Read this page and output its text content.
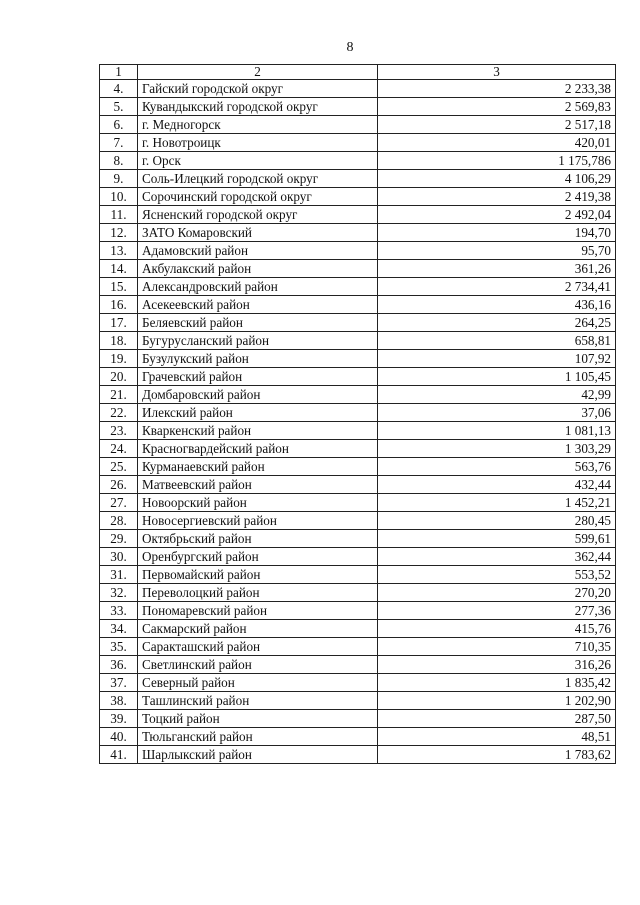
8
1	2	3
4.	Гайский городской округ	2 233,38
5.	Кувандыкский городской округ	2 569,83
6.	г. Медногорск	2 517,18
7.	г. Новотроицк	420,01
8.	г. Орск	1 175,786
9.	Соль-Илецкий городской округ	4 106,29
10.	Сорочинский городской округ	2 419,38
11.	Ясненский городской округ	2 492,04
12.	ЗАТО Комаровский	194,70
13.	Адамовский район	95,70
14.	Акбулакский район	361,26
15.	Александровский район	2 734,41
16.	Асекеевский район	436,16
17.	Беляевский район	264,25
18.	Бугурусланский район	658,81
19.	Бузулукский район	107,92
20.	Грачевский район	1 105,45
21.	Домбаровский район	42,99
22.	Илекский район	37,06
23.	Кваркенский район	1 081,13
24.	Красногвардейский район	1 303,29
25.	Курманаевский район	563,76
26.	Матвеевский район	432,44
27.	Новоорский район	1 452,21
28.	Новосергиевский район	280,45
29.	Октябрьский район	599,61
30.	Оренбургский район	362,44
31.	Первомайский район	553,52
32.	Переволоцкий район	270,20
33.	Пономаревский район	277,36
34.	Сакмарский район	415,76
35.	Саракташский район	710,35
36.	Светлинский район	316,26
37.	Северный район	1 835,42
38.	Ташлинский район	1 202,90
39.	Тоцкий район	287,50
40.	Тюльганский район	48,51
41.	Шарлыкский район	1 783,62
